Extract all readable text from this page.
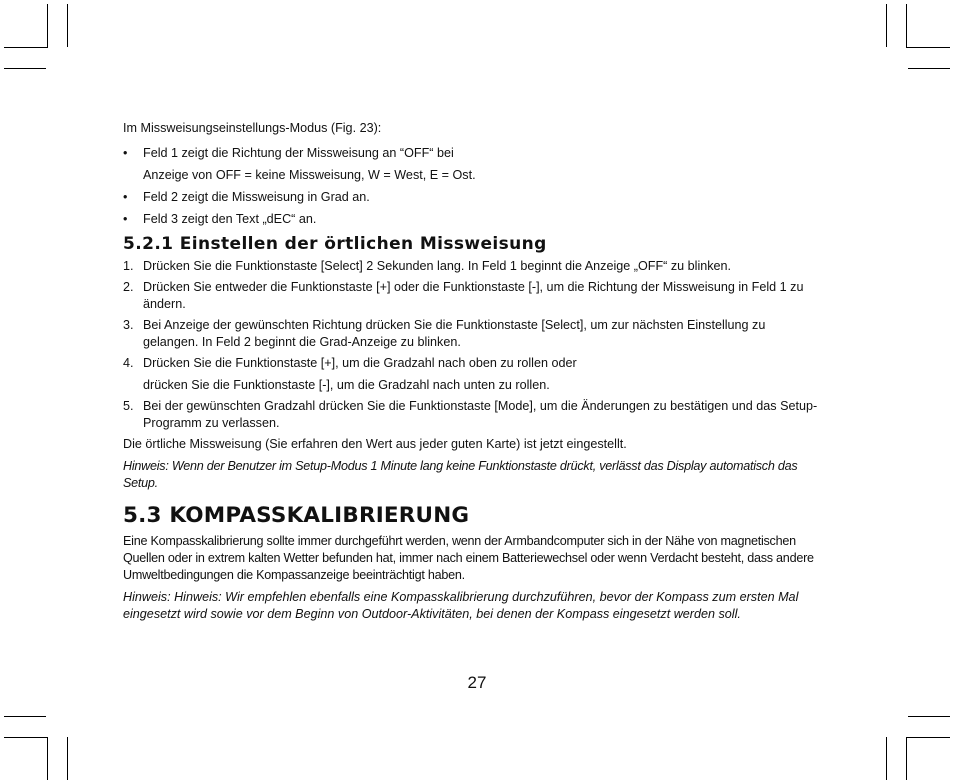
Im Missweisungseinstellungs-Modus (Fig. 23):

• Feld 1 zeigt die Richtung der Missweisung an “OFF“ bei
Anzeige von OFF = keine Missweisung, W = West, E = Ost.
• Feld 2 zeigt die Missweisung in Grad an.
• Feld 3 zeigt den Text „dEC“ an.
5.2.1 Einstellen der örtlichen Missweisung
1. Drücken Sie die Funktionstaste [Select] 2 Sekunden lang. In Feld 1 beginnt die Anzeige „OFF“ zu blinken.
2. Drücken Sie entweder die Funktionstaste [+] oder die Funktionstaste [-], um die Richtung der Missweisung in Feld 1 zu ändern.
3. Bei Anzeige der gewünschten Richtung drücken Sie die Funktionstaste [Select], um zur nächsten Einstellung zu gelangen. In Feld 2 beginnt die Grad-Anzeige zu blinken.
4. Drücken Sie die Funktionstaste [+], um die Gradzahl nach oben zu rollen oder
drücken Sie die Funktionstaste [-], um die Gradzahl nach unten zu rollen.
5. Bei der gewünschten Gradzahl drücken Sie die Funktionstaste [Mode], um die Änderungen zu bestätigen und das Setup-Programm zu verlassen.

Die örtliche Missweisung (Sie erfahren den Wert aus jeder guten Karte) ist jetzt eingestellt.

Hinweis: Wenn der Benutzer im Setup-Modus 1 Minute lang keine Funktionstaste drückt, verlässt das Display automatisch das Setup.

5.3 KOMPASSKALIBRIERUNG

Eine Kompasskalibrierung sollte immer durchgeführt werden, wenn der Armbandcomputer sich in der Nähe von magnetischen Quellen oder in extrem kalten Wetter befunden hat, immer nach einem Batteriewechsel oder wenn Verdacht besteht, dass andere Umweltbedingungen die Kompassanzeige beeinträchtigt haben.

Hinweis: Hinweis: Wir empfehlen ebenfalls eine Kompasskalibrierung durchzuführen, bevor der Kompass zum ersten Mal eingesetzt wird sowie vor dem Beginn von Outdoor-Aktivitäten, bei denen der Kompass eingesetzt werden soll.

27
